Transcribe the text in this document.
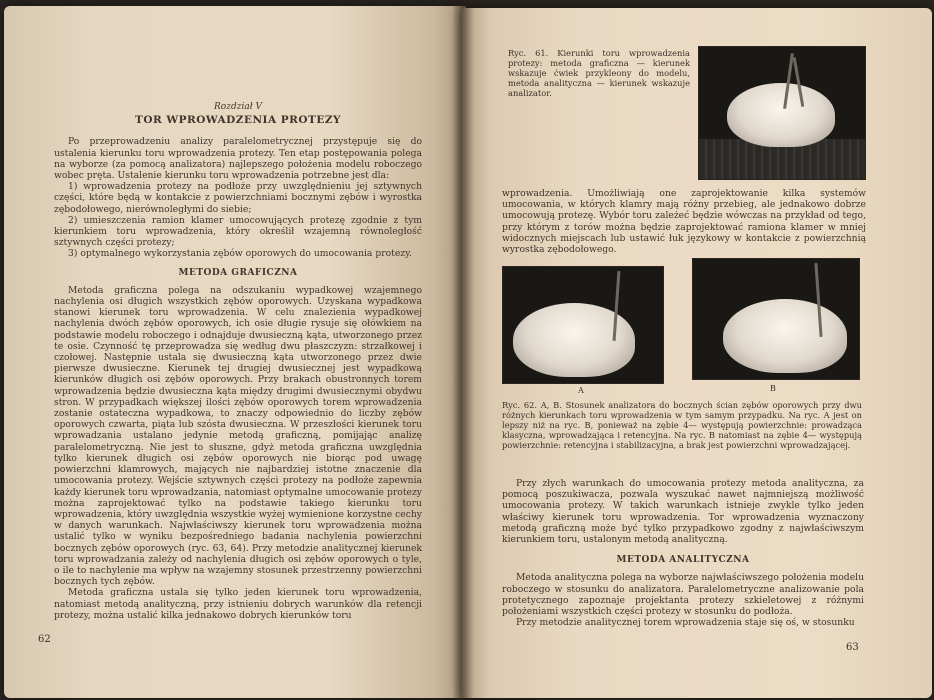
Rozdział V

TOR WPROWADZENIA PROTEZY

Po przeprowadzeniu analizy paralelometrycznej przystępuje się do ustalenia kierunku toru wprowadzenia protezy. Ten etap postępowania polega na wyborze (za pomocą analizatora) najlepszego położenia modelu roboczego wobec pręta. Ustalenie kierunku toru wprowadzenia potrzebne jest dla:

1) wprowadzenia protezy na podłoże przy uwzględnieniu jej sztywnych części, które będą w kontakcie z powierzchniami bocznymi zębów i wyrostka zębodołowego, nierównoległymi do siebie;

2) umieszczenia ramion klamer umocowujących protezę zgodnie z tym kierunkiem toru wprowadzenia, który określił wzajemną równoległość sztywnych części protezy;

3) optymalnego wykorzystania zębów oporowych do umocowania protezy.

METODA GRAFICZNA

Metoda graficzna polega na odszukaniu wypadkowej wzajemnego nachylenia osi długich wszystkich zębów oporowych. Uzyskana wypadkowa stanowi kierunek toru wprowadzenia. W celu znalezienia wypadkowej nachylenia dwóch zębów oporowych, ich osie długie rysuje się ołówkiem na podstawie modelu roboczego i odnajduje dwusieczną kąta, utworzonego przez te osie. Czynność tę przeprowadza się według dwu płaszczyzn: strzałkowej i czołowej. Następnie ustala się dwusieczną kąta utworzonego przez dwie pierwsze dwusieczne. Kierunek tej drugiej dwusiecznej jest wypadkową kierunków długich osi zębów oporowych. Przy brakach obustronnych torem wprowadzenia będzie dwusieczna kąta między drugimi dwusiecznymi obydwu stron. W przypadkach większej ilości zębów oporowych torem wprowadzenia zostanie ostateczna wypadkowa, to znaczy odpowiednio do liczby zębów oporowych czwarta, piąta lub szósta dwusieczna. W przeszłości kierunek toru wprowadzania ustalano jedynie metodą graficzną, pomijając analizę paralelometryczną. Nie jest to słuszne, gdyż metoda graficzna uwzględnia tylko kierunek długich osi zębów oporowych nie biorąc pod uwagę powierzchni klamrowych, mających nie najbardziej istotne znaczenie dla umocowania protezy. Wejście sztywnych części protezy na podłoże zapewnia każdy kierunek toru wprowadzania, natomiast optymalne umocowanie protezy można zaprojektować tylko na podstawie takiego kierunku toru wprowadzenia, który uwzględnia wszystkie wyżej wymienione korzystne cechy w danych warunkach. Najwłaściwszy kierunek toru wprowadzenia można ustalić tylko w wyniku bezpośredniego badania nachylenia powierzchni bocznych zębów oporowych (ryc. 63, 64). Przy metodzie analitycznej kierunek toru wprowadzania zależy od nachylenia długich osi zębów oporowych o tyle, o ile to nachylenie ma wpływ na wzajemny stosunek przestrzenny powierzchni bocznych tych zębów.

Metoda graficzna ustala się tylko jeden kierunek toru wprowadzenia, natomiast metodą analityczną, przy istnieniu dobrych warunków dla retencji protezy, można ustalić kilka jednakowo dobrych kierunków toru

62

Ryc. 61. Kierunki toru wprowadzenia protezy: metoda graficzna — kierunek wskazuje ćwiek przykleony do modelu, metoda analityczna — kierunek wskazuje analizator.

wprowadzenia. Umożliwiają one zaprojektowanie kilka systemów umocowania, w których klamry mają różny przebieg, ale jednakowo dobrze umocowują protezę. Wybór toru zależeć będzie wówczas na przykład od tego, przy którym z torów można będzie zaprojektować ramiona klamer w mniej widocznych miejscach lub ustawić łuk językowy w kontakcie z powierzchnią wyrostka zębodołowego.

A	B

Ryc. 62. A, B. Stosunek analizatora do bocznych ścian zębów oporowych przy dwu różnych kierunkach toru wprowadzenia w tym samym przypadku. Na ryc. A jest on lepszy niż na ryc. B, ponieważ na zębie 4— występują powierzchnie: prowadząca klasyczna, wprowadzająca i retencyjna. Na ryc. B natomiast na zębie 4— występują powierzchnie: retencyjna i stabilizacyjna, a brak jest powierzchni wprowadzającej.

Przy złych warunkach do umocowania protezy metoda analityczna, za pomocą poszukiwacza, pozwala wyszukać nawet najmniejszą możliwość umocowania protezy. W takich warunkach istnieje zwykle tylko jeden właściwy kierunek toru wprowadzenia. Tor wprowadzenia wyznaczony metodą graficzną może być tylko przypadkowo zgodny z najwłaściwszym kierunkiem toru, ustalonym metodą analityczną.

METODA ANALITYCZNA

Metoda analityczna polega na wyborze najwłaściwszego położenia modelu roboczego w stosunku do analizatora. Paralelometryczne analizowanie pola protetycznego zapoznaje projektanta protezy szkieletowej z różnymi położeniami wszystkich części protezy w stosunku do podłoża.

Przy metodzie analitycznej torem wprowadzenia staje się oś, w stosunku

63
